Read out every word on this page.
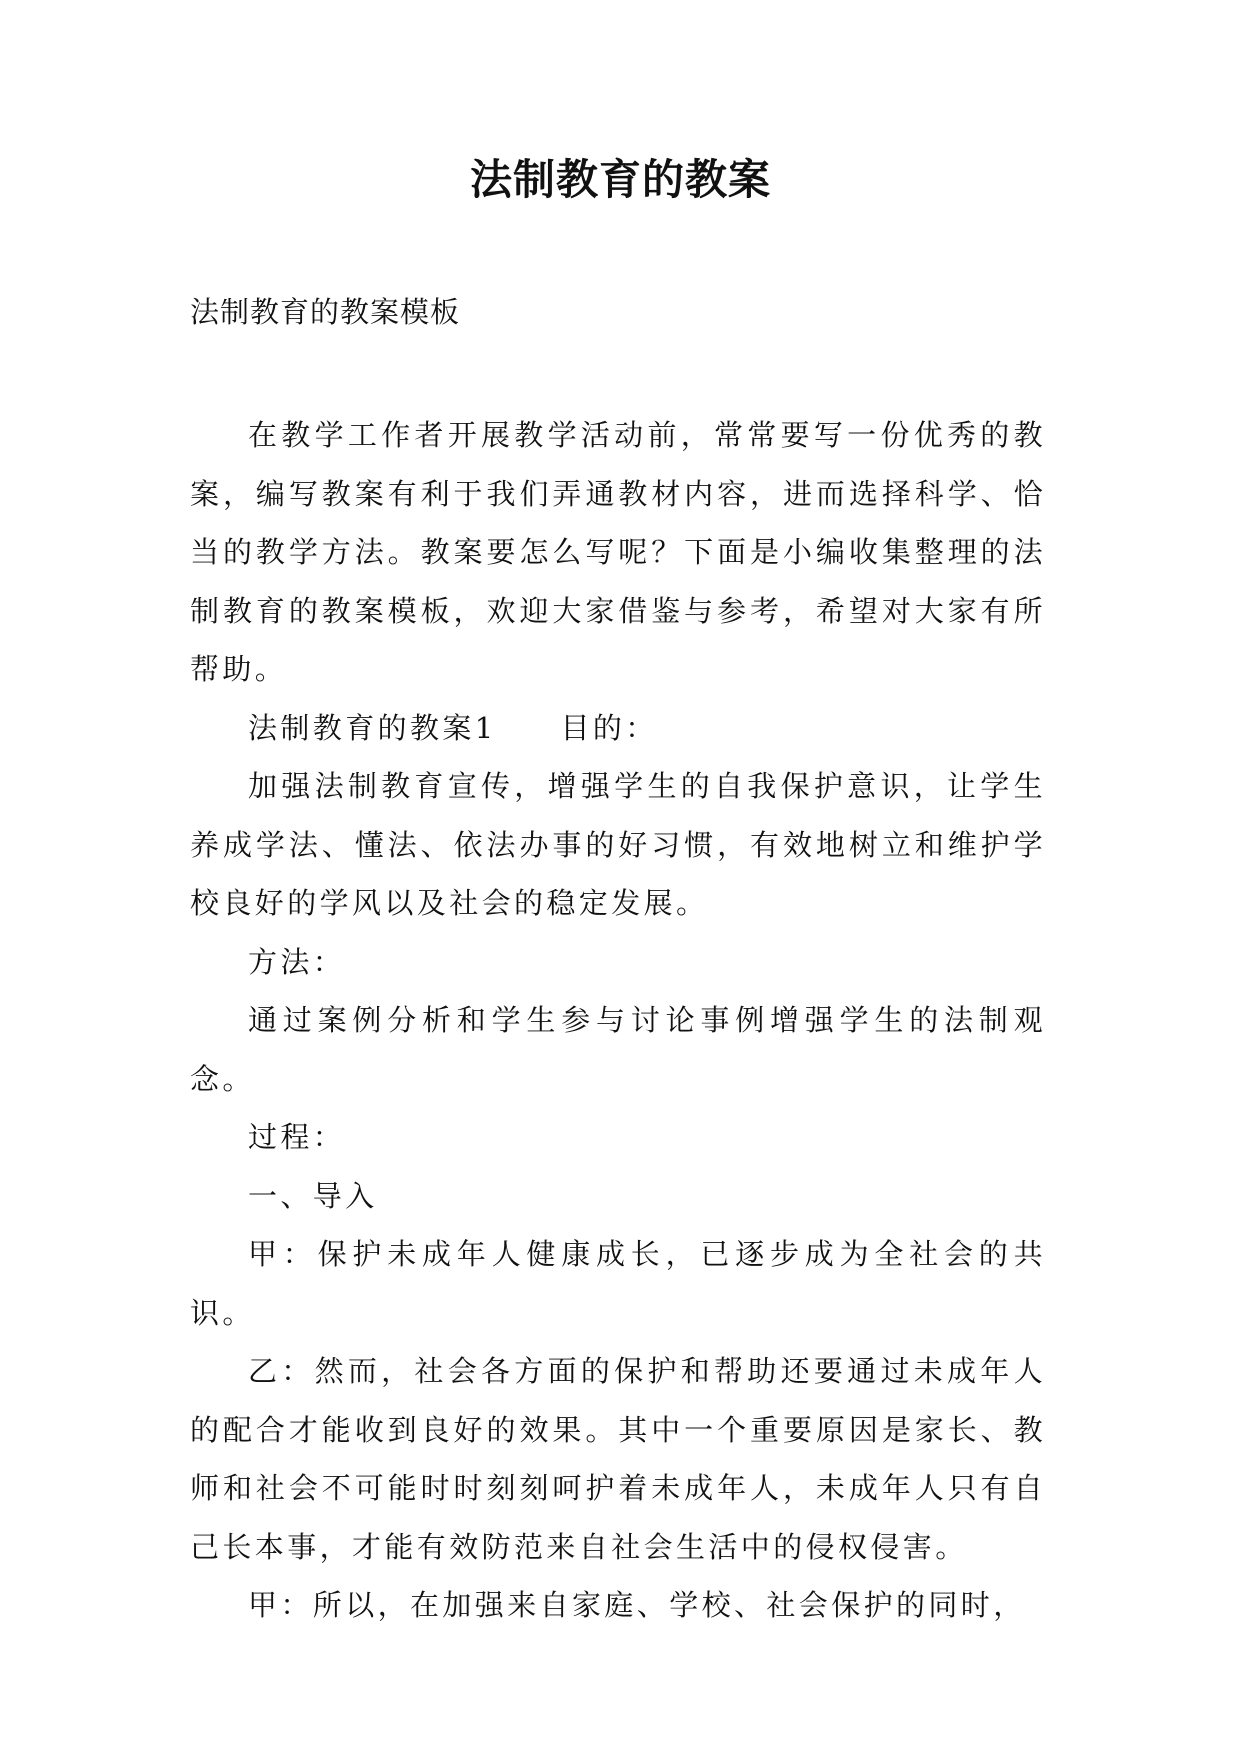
法制教育的教案
法制教育的教案模板

在教学工作者开展教学活动前，常常要写一份优秀的教案，编写教案有利于我们弄通教材内容，进而选择科学、恰当的教学方法。教案要怎么写呢？下面是小编收集整理的法制教育的教案模板，欢迎大家借鉴与参考，希望对大家有所帮助。

法制教育的教案1 目的：

加强法制教育宣传，增强学生的自我保护意识，让学生养成学法、懂法、依法办事的好习惯，有效地树立和维护学校良好的学风以及社会的稳定发展。

方法：

通过案例分析和学生参与讨论事例增强学生的法制观念。

过程：

一、导入

甲：保护未成年人健康成长，已逐步成为全社会的共识。

乙：然而，社会各方面的保护和帮助还要通过未成年人的配合才能收到良好的效果。其中一个重要原因是家长、教师和社会不可能时时刻刻呵护着未成年人，未成年人只有自己长本事，才能有效防范来自社会生活中的侵权侵害。

甲：所以，在加强来自家庭、学校、社会保护的同时，
